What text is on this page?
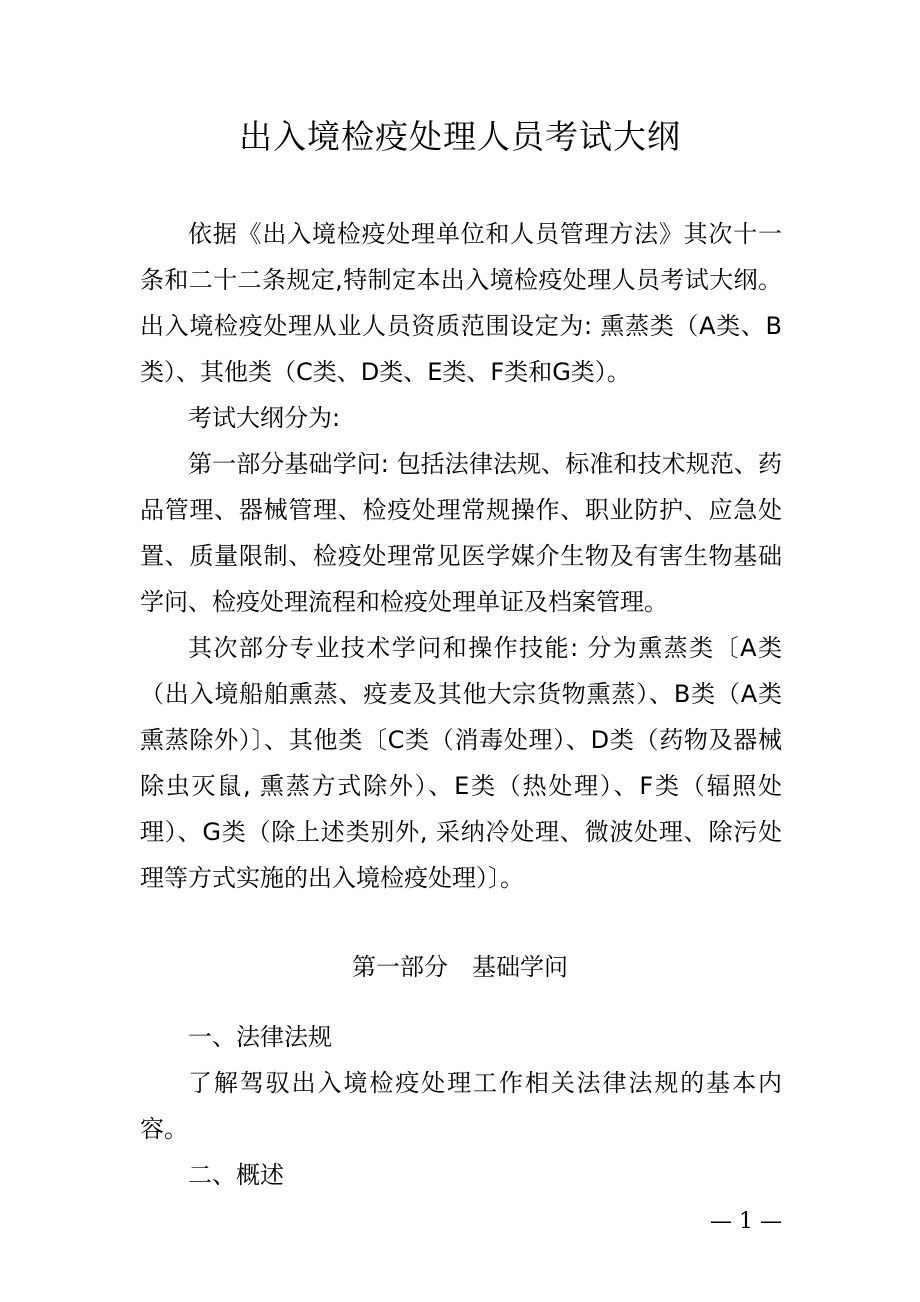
出入境检疫处理人员考试大纲

依据《出入境检疫处理单位和人员管理方法》其次十一条和二十二条规定,特制定本出入境检疫处理人员考试大纲。出入境检疫处理从业人员资质范围设定为: 熏蒸类（A类、B类）、其他类（C类、D类、E类、F类和G类）。

考试大纲分为:

第一部分基础学问: 包括法律法规、标准和技术规范、药品管理、器械管理、检疫处理常规操作、职业防护、应急处置、质量限制、检疫处理常见医学媒介生物及有害生物基础学问、检疫处理流程和检疫处理单证及档案管理。

其次部分专业技术学问和操作技能: 分为熏蒸类〔A类（出入境船舶熏蒸、疫麦及其他大宗货物熏蒸）、B类（A类熏蒸除外）〕、其他类〔C类（消毒处理）、D类（药物及器械除虫灭鼠, 熏蒸方式除外）、E类（热处理）、F类（辐照处理）、G类（除上述类别外, 采纳冷处理、微波处理、除污处理等方式实施的出入境检疫处理）〕。

第一部分　基础学问

一、法律法规

了解驾驭出入境检疫处理工作相关法律法规的基本内容。

二、概述

— 1 —
